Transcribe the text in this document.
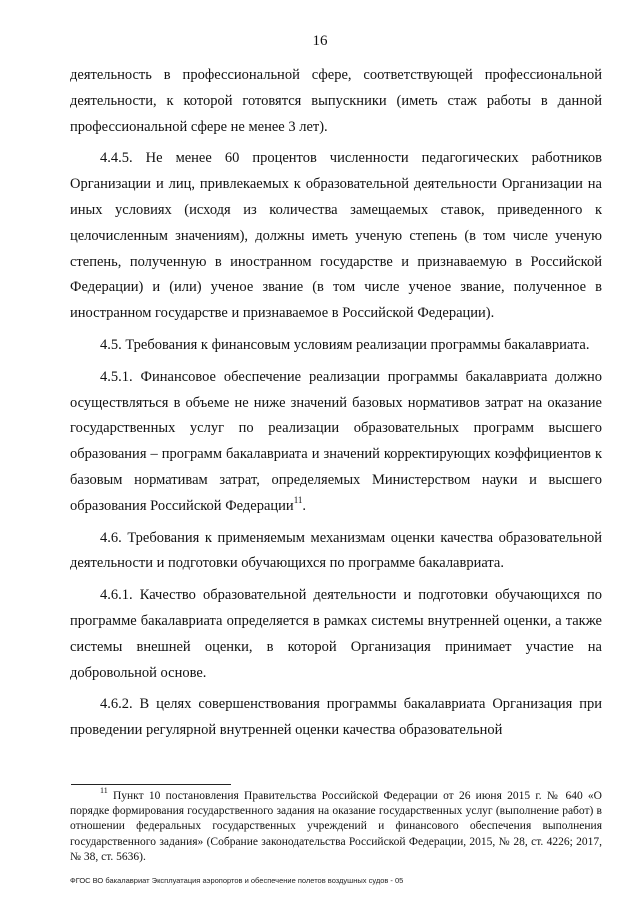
16

деятельность в профессиональной сфере, соответствующей профессиональной деятельности, к которой готовятся выпускники (иметь стаж работы в данной профессиональной сфере не менее 3 лет).

4.4.5. Не менее 60 процентов численности педагогических работников Организации и лиц, привлекаемых к образовательной деятельности Организации на иных условиях (исходя из количества замещаемых ставок, приведенного к целочисленным значениям), должны иметь ученую степень (в том числе ученую степень, полученную в иностранном государстве и признаваемую в Российской Федерации) и (или) ученое звание (в том числе ученое звание, полученное в иностранном государстве и признаваемое в Российской Федерации).

4.5. Требования к финансовым условиям реализации программы бакалавриата.

4.5.1. Финансовое обеспечение реализации программы бакалавриата должно осуществляться в объеме не ниже значений базовых нормативов затрат на оказание государственных услуг по реализации образовательных программ высшего образования – программ бакалавриата и значений корректирующих коэффициентов к базовым нормативам затрат, определяемых Министерством науки и высшего образования Российской Федерации$^{11}$.

4.6. Требования к применяемым механизмам оценки качества образовательной деятельности и подготовки обучающихся по программе бакалавриата.

4.6.1. Качество образовательной деятельности и подготовки обучающихся по программе бакалавриата определяется в рамках системы внутренней оценки, а также системы внешней оценки, в которой Организация принимает участие на добровольной основе.

4.6.2. В целях совершенствования программы бакалавриата Организация при проведении регулярной внутренней оценки качества образовательной

$^{11}$ Пункт 10 постановления Правительства Российской Федерации от 26 июня 2015 г. № 640 «О порядке формирования государственного задания на оказание государственных услуг (выполнение работ) в отношении федеральных государственных учреждений и финансового обеспечения выполнения государственного задания» (Собрание законодательства Российской Федерации, 2015, № 28, ст. 4226; 2017, № 38, ст. 5636).

ФГОС ВО бакалавриат Эксплуатация аэропортов и обеспечение полетов воздушных судов - 05
